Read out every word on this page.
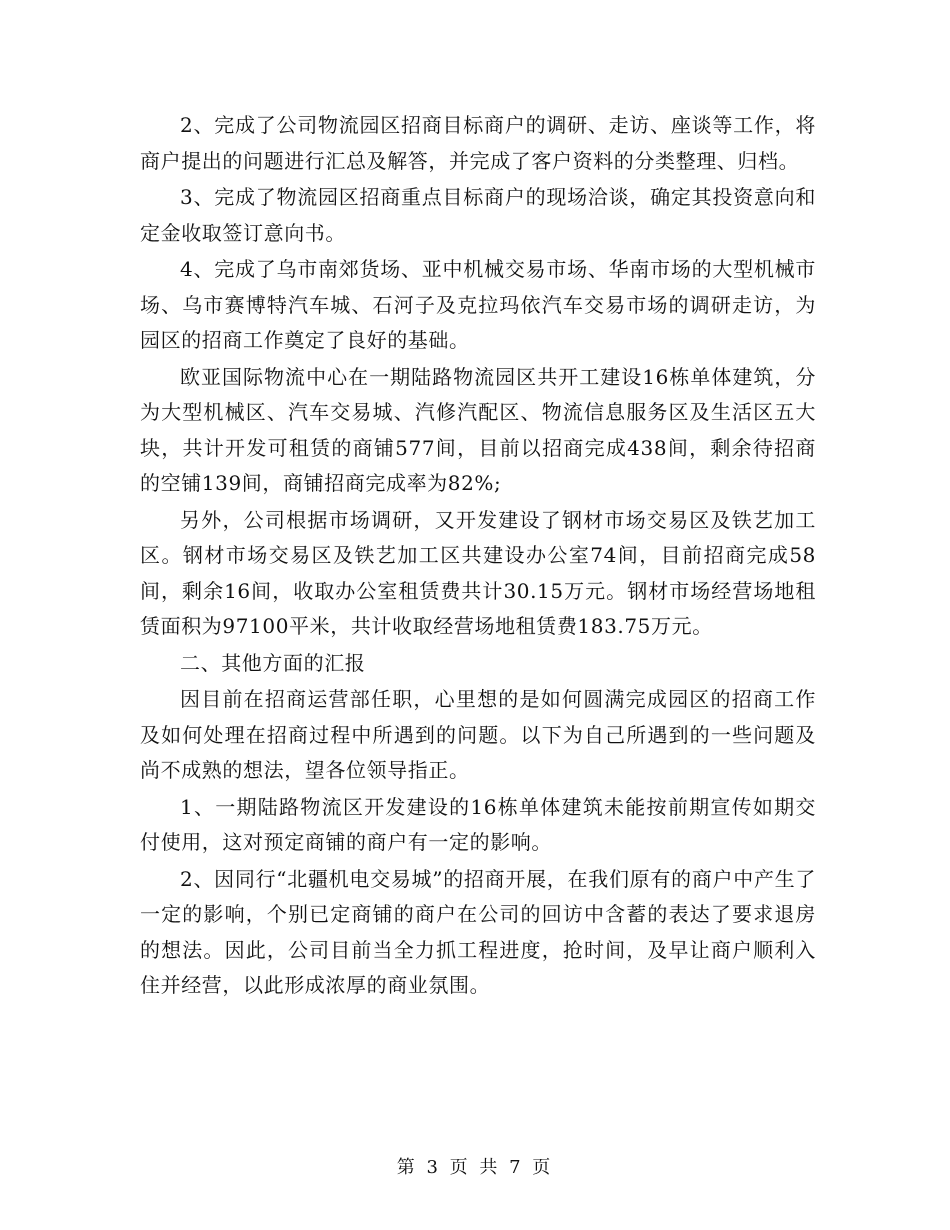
2、完成了公司物流园区招商目标商户的调研、走访、座谈等工作，将商户提出的问题进行汇总及解答，并完成了客户资料的分类整理、归档。

3、完成了物流园区招商重点目标商户的现场洽谈，确定其投资意向和定金收取签订意向书。

4、完成了乌市南郊货场、亚中机械交易市场、华南市场的大型机械市场、乌市赛博特汽车城、石河子及克拉玛依汽车交易市场的调研走访，为园区的招商工作奠定了良好的基础。

欧亚国际物流中心在一期陆路物流园区共开工建设16栋单体建筑，分为大型机械区、汽车交易城、汽修汽配区、物流信息服务区及生活区五大块，共计开发可租赁的商铺577间，目前以招商完成438间，剩余待招商的空铺139间，商铺招商完成率为82%;

另外，公司根据市场调研，又开发建设了钢材市场交易区及铁艺加工区。钢材市场交易区及铁艺加工区共建设办公室74间，目前招商完成58间，剩余16间，收取办公室租赁费共计30.15万元。钢材市场经营场地租赁面积为97100平米，共计收取经营场地租赁费183.75万元。

二、其他方面的汇报

因目前在招商运营部任职，心里想的是如何圆满完成园区的招商工作及如何处理在招商过程中所遇到的问题。以下为自己所遇到的一些问题及尚不成熟的想法，望各位领导指正。

1、一期陆路物流区开发建设的16栋单体建筑未能按前期宣传如期交付使用，这对预定商铺的商户有一定的影响。

2、因同行“北疆机电交易城”的招商开展，在我们原有的商户中产生了一定的影响，个别已定商铺的商户在公司的回访中含蓄的表达了要求退房的想法。因此，公司目前当全力抓工程进度，抢时间，及早让商户顺利入住并经营，以此形成浓厚的商业氛围。

第 3 页 共 7 页
